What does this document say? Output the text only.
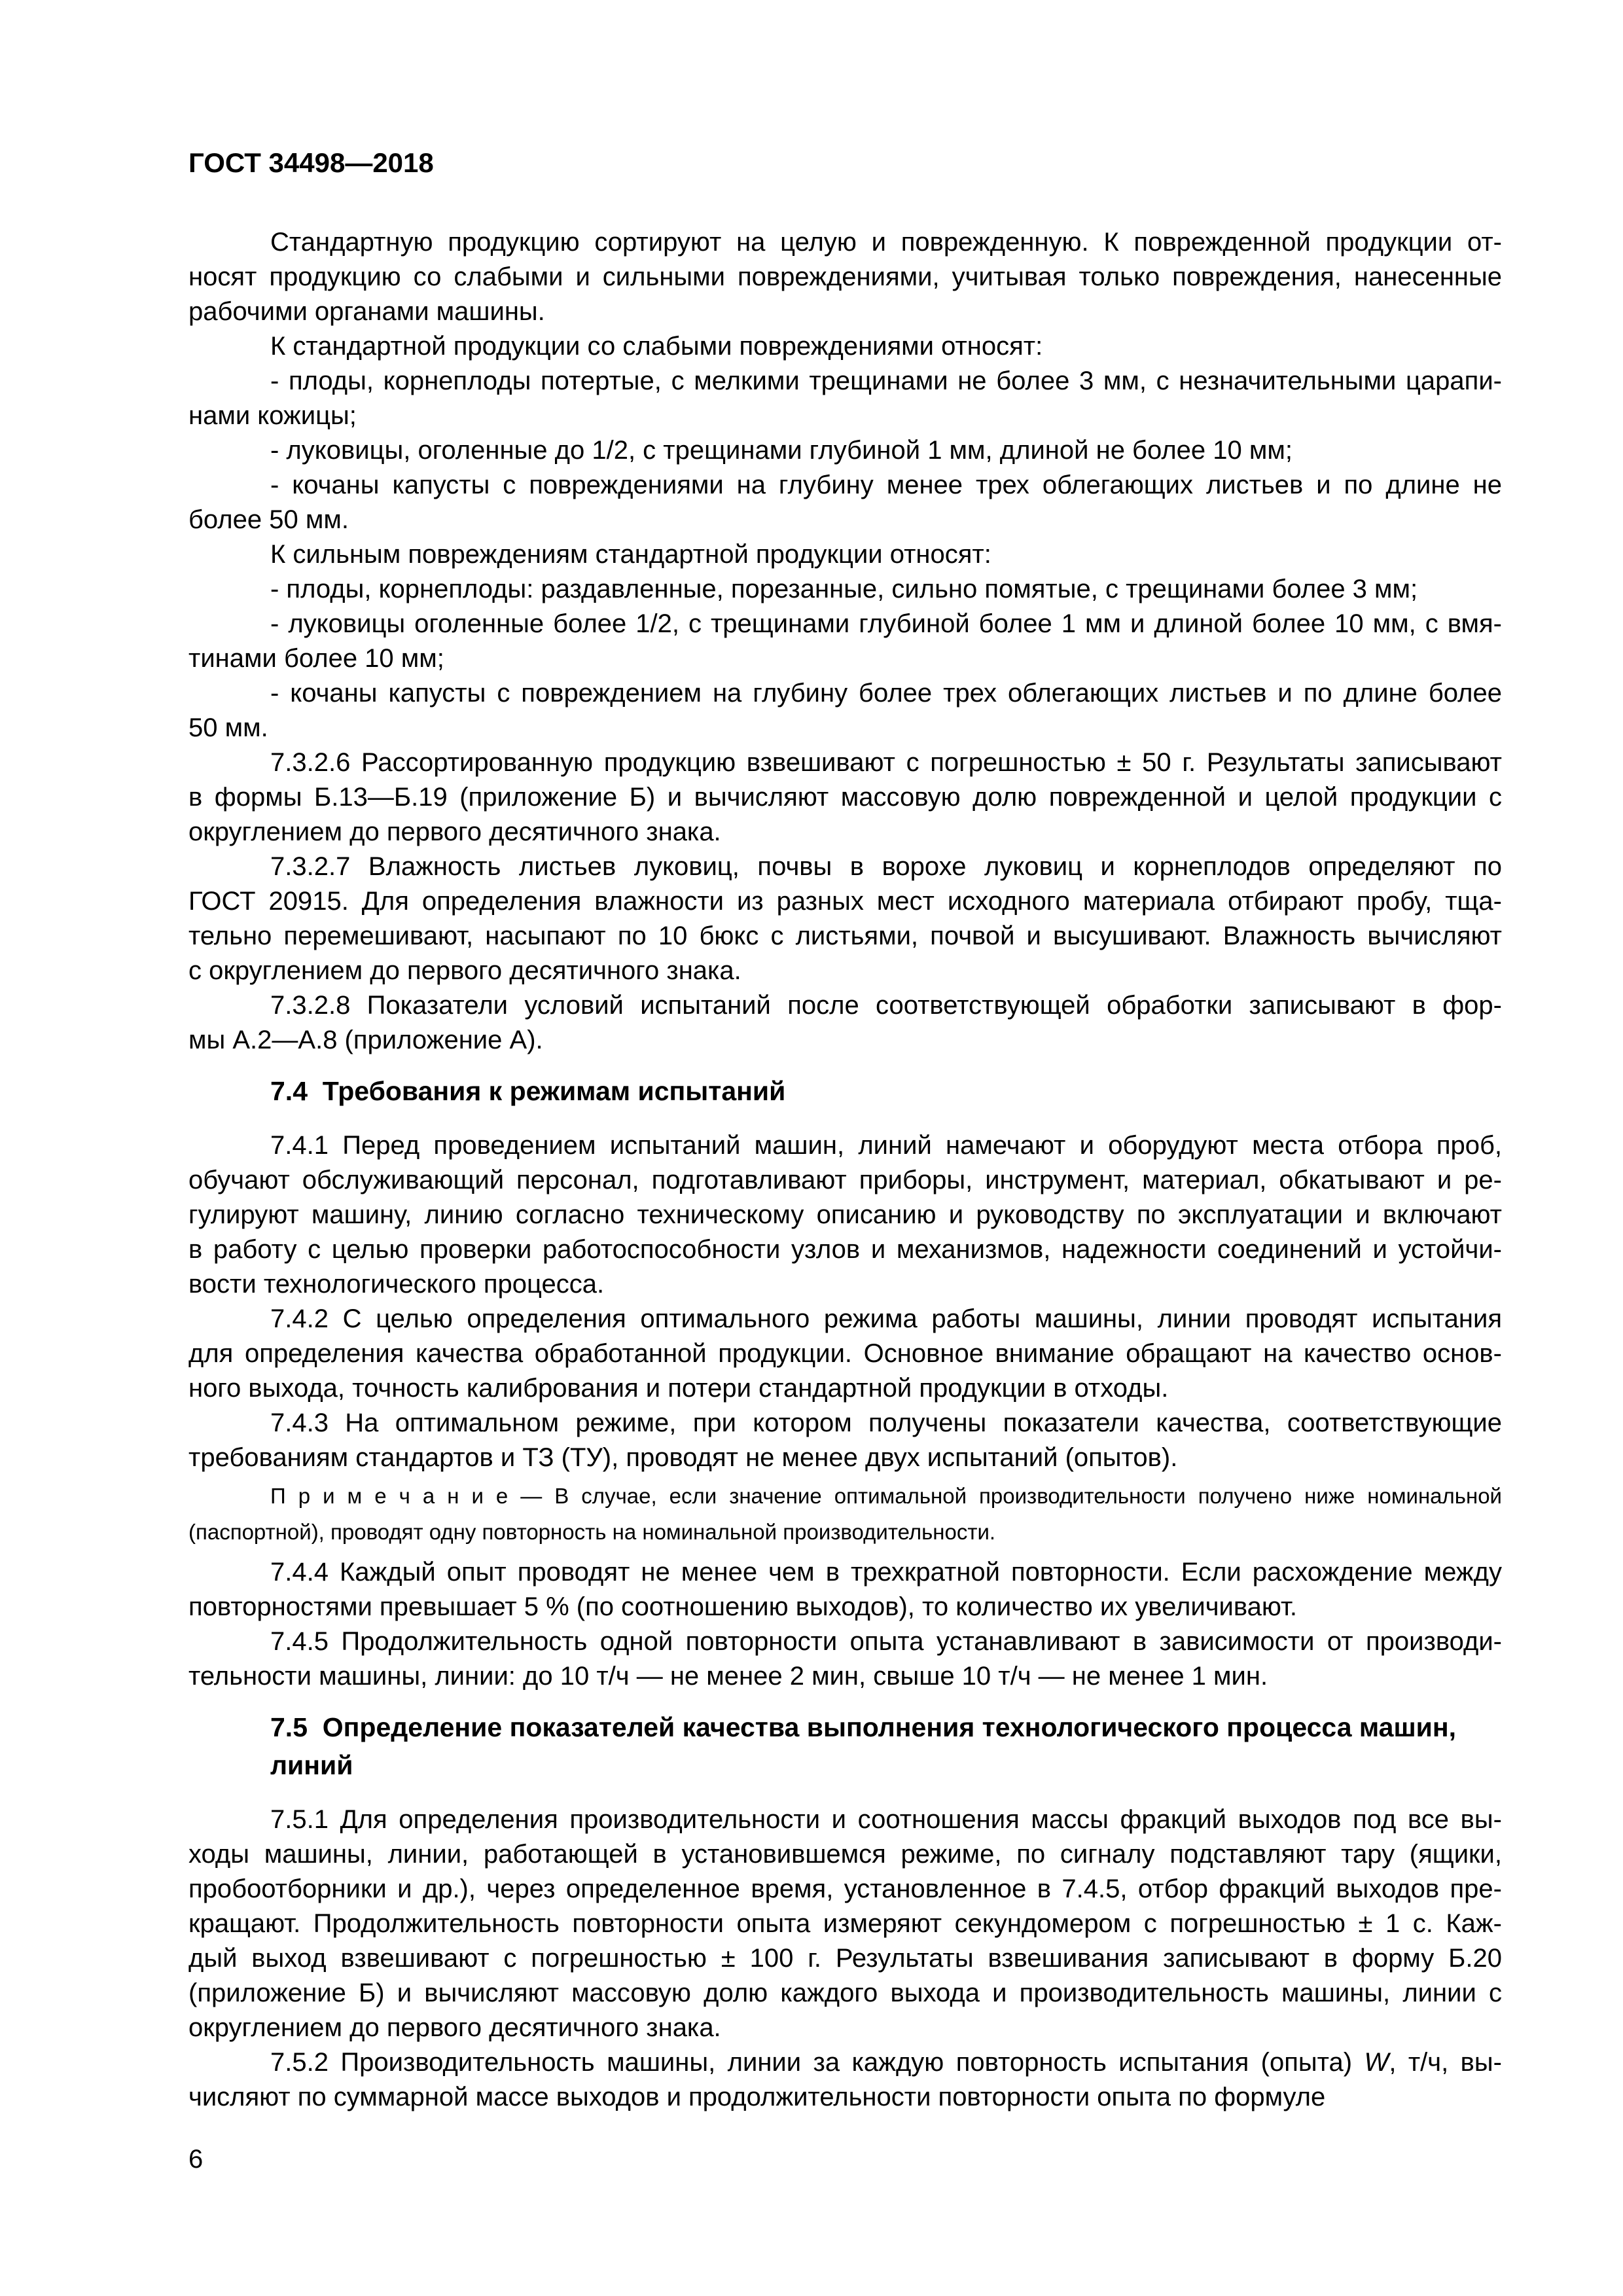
ГОСТ 34498—2018
Стандартную продукцию сортируют на целую и поврежденную. К поврежденной продукции от-
носят продукцию со слабыми и сильными повреждениями, учитывая только повреждения, нанесенные
рабочими органами машины.
К стандартной продукции со слабыми повреждениями относят:
- плоды, корнеплоды потертые, с мелкими трещинами не более 3 мм, с незначительными царапи-
нами кожицы;
- луковицы, оголенные до 1/2, с трещинами глубиной 1 мм, длиной не более 10 мм;
- кочаны капусты с повреждениями на глубину менее трех облегающих листьев и по длине не
более 50 мм.
К сильным повреждениям стандартной продукции относят:
- плоды, корнеплоды: раздавленные, порезанные, сильно помятые, с трещинами более 3 мм;
- луковицы оголенные более 1/2, с трещинами глубиной более 1 мм и длиной более 10 мм, с вмя-
тинами более 10 мм;
- кочаны капусты с повреждением на глубину более трех облегающих листьев и по длине более
50 мм.
7.3.2.6 Рассортированную продукцию взвешивают с погрешностью ± 50 г. Результаты записывают
в формы Б.13—Б.19 (приложение Б) и вычисляют массовую долю поврежденной и целой продукции с
округлением до первого десятичного знака.
7.3.2.7 Влажность листьев луковиц, почвы в ворохе луковиц и корнеплодов определяют по
ГОСТ 20915. Для определения влажности из разных мест исходного материала отбирают пробу, тща-
тельно перемешивают, насыпают по 10 бюкс с листьями, почвой и высушивают. Влажность вычисляют
с округлением до первого десятичного знака.
7.3.2.8 Показатели условий испытаний после соответствующей обработки записывают в фор-
мы А.2—А.8 (приложение А).
7.4  Требования к режимам испытаний
7.4.1 Перед проведением испытаний машин, линий намечают и оборудуют места отбора проб,
обучают обслуживающий персонал, подготавливают приборы, инструмент, материал, обкатывают и ре-
гулируют машину, линию согласно техническому описанию и руководству по эксплуатации и включают
в работу с целью проверки работоспособности узлов и механизмов, надежности соединений и устойчи-
вости технологического процесса.
7.4.2 С целью определения оптимального режима работы машины, линии проводят испытания
для определения качества обработанной продукции. Основное внимание обращают на качество основ-
ного выхода, точность калибрования и потери стандартной продукции в отходы.
7.4.3 На оптимальном режиме, при котором получены показатели качества, соответствующие
требованиям стандартов и ТЗ (ТУ), проводят не менее двух испытаний (опытов).
П р и м е ч а н и е — В случае, если значение оптимальной производительности получено ниже номинальной
(паспортной), проводят одну повторность на номинальной производительности.
7.4.4 Каждый опыт проводят не менее чем в трехкратной повторности. Если расхождение между
повторностями превышает 5 % (по соотношению выходов), то количество их увеличивают.
7.4.5 Продолжительность одной повторности опыта устанавливают в зависимости от производи-
тельности машины, линии: до 10 т/ч — не менее 2 мин, свыше 10 т/ч — не менее 1 мин.
7.5  Определение показателей качества выполнения технологического процесса машин,
линий
7.5.1 Для определения производительности и соотношения массы фракций выходов под все вы-
ходы машины, линии, работающей в установившемся режиме, по сигналу подставляют тару (ящики,
пробоотборники и др.), через определенное время, установленное в 7.4.5, отбор фракций выходов пре-
кращают. Продолжительность повторности опыта измеряют секундомером с погрешностью ± 1 с. Каж-
дый выход взвешивают с погрешностью ± 100 г. Результаты взвешивания записывают в форму Б.20
(приложение Б) и вычисляют массовую долю каждого выхода и производительность машины, линии с
округлением до первого десятичного знака.
7.5.2 Производительность машины, линии за каждую повторность испытания (опыта) W, т/ч, вы-
числяют по суммарной массе выходов и продолжительности повторности опыта по формуле
6
